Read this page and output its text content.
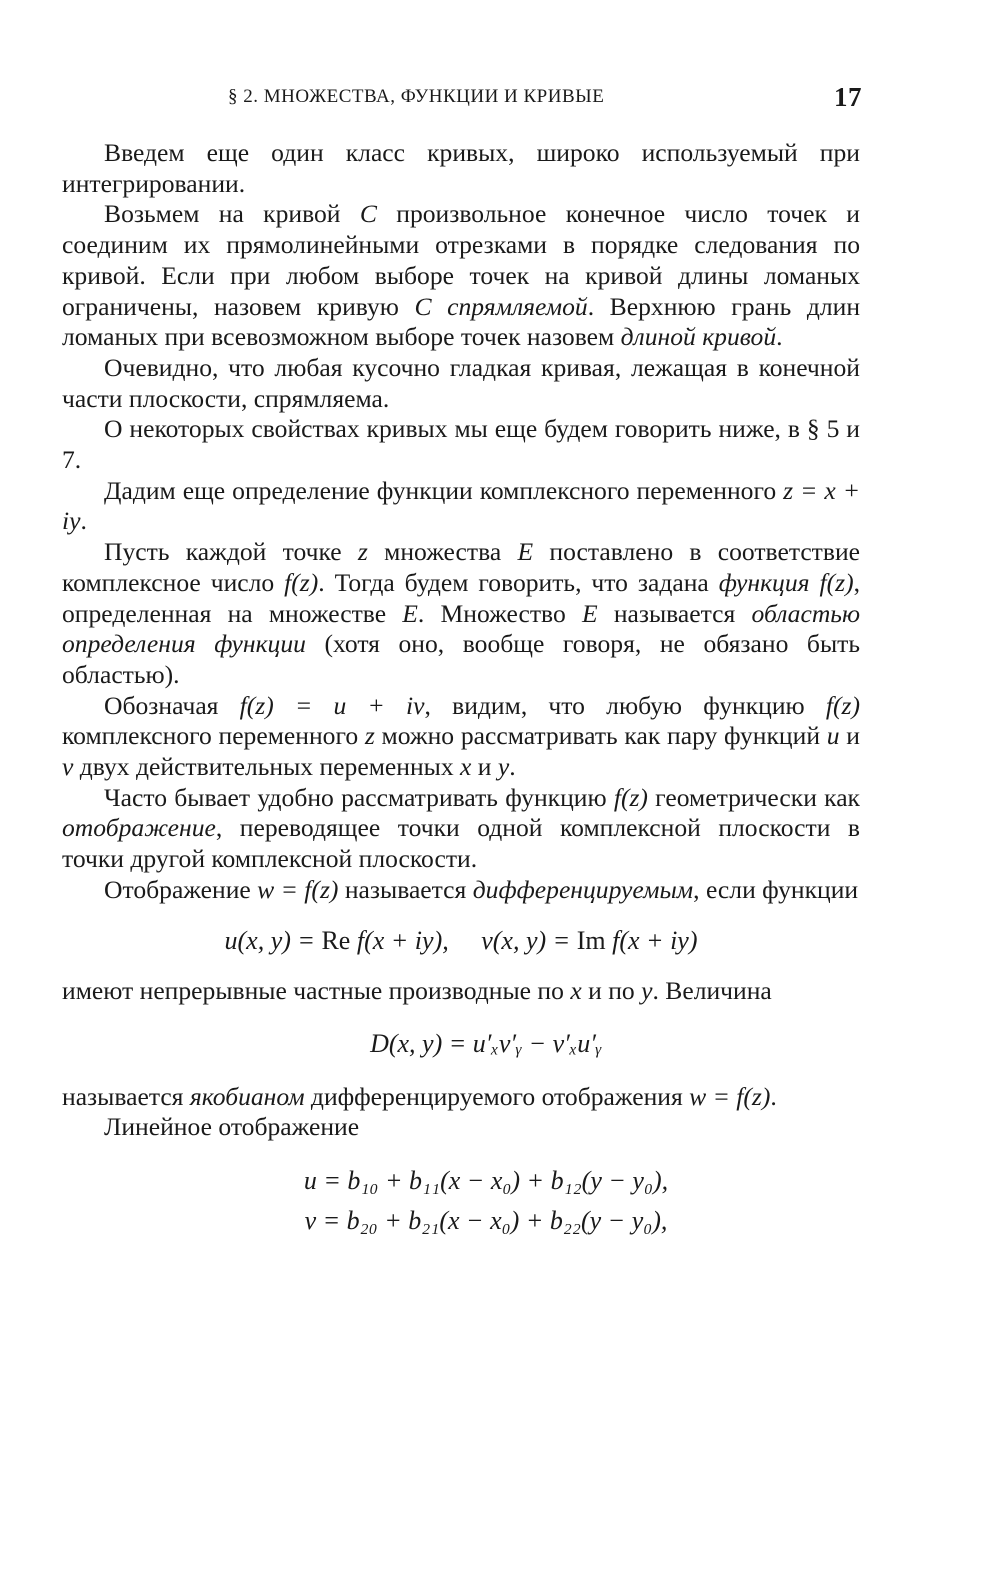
§ 2. МНОЖЕСТВА, ФУНКЦИИ И КРИВЫЕ	17

Введем еще один класс кривых, широко используемый при интегрировании.

Возьмем на кривой C произвольное конечное число точек и соединим их прямолинейными отрезками в порядке следования по кривой. Если при любом выборе точек на кривой длины ломаных ограничены, назовем кривую C спрямляемой. Верхнюю грань длин ломаных при всевозможном выборе точек назовем длиной кривой.

Очевидно, что любая кусочно гладкая кривая, лежащая в конечной части плоскости, спрямляема.

О некоторых свойствах кривых мы еще будем говорить ниже, в § 5 и 7.

Дадим еще определение функции комплексного переменного z = x + iy.

Пусть каждой точке z множества E поставлено в соответствие комплексное число f(z). Тогда будем говорить, что задана функция f(z), определенная на множестве E. Множество E называется областью определения функции (хотя оно, вообще говоря, не обязано быть областью).

Обозначая f(z) = u + iv, видим, что любую функцию f(z) комплексного переменного z можно рассматривать как пару функций u и v двух действительных переменных x и y.

Часто бывает удобно рассматривать функцию f(z) геометрически как отображение, переводящее точки одной комплексной плоскости в точки другой комплексной плоскости.

Отображение w = f(z) называется дифференцируемым, если функции

u(x, y) = Re f(x + iy),     v(x, y) = Im f(x + iy)

имеют непрерывные частные производные по x и по y. Величина

D(x, y) = u′ₓv′ᵧ − v′ₓu′ᵧ

называется якобианом дифференцируемого отображения w = f(z).

Линейное отображение

u = b₁₀ + b₁₁(x − x₀) + b₁₂(y − y₀),
v = b₂₀ + b₂₁(x − x₀) + b₂₂(y − y₀),
